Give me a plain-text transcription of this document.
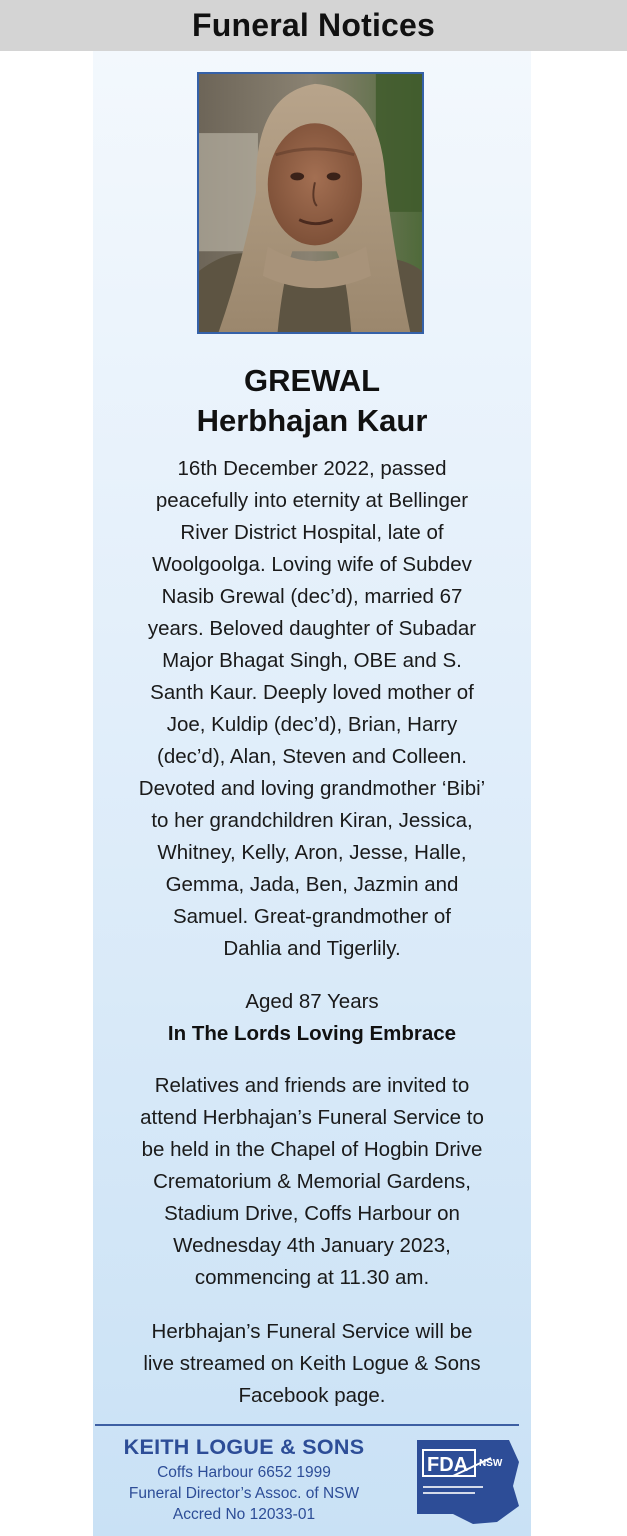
Funeral Notices
GREWAL
Herbhajan Kaur

16th December 2022, passed
peacefully into eternity at Bellinger
River District Hospital, late of
Woolgoolga. Loving wife of Subdev
Nasib Grewal (dec’d), married 67
years. Beloved daughter of Subadar
Major Bhagat Singh, OBE and S.
Santh Kaur. Deeply loved mother of
Joe, Kuldip (dec’d), Brian, Harry
(dec’d), Alan, Steven and Colleen.
Devoted and loving grandmother ‘Bibi’
to her grandchildren Kiran, Jessica,
Whitney, Kelly, Aron, Jesse, Halle,
Gemma, Jada, Ben, Jazmin and
Samuel. Great-grandmother of
Dahlia and Tigerlily.

Aged 87 Years
In The Lords Loving Embrace

Relatives and friends are invited to
attend Herbhajan’s Funeral Service to
be held in the Chapel of Hogbin Drive
Crematorium & Memorial Gardens,
Stadium Drive, Coffs Harbour on
Wednesday 4th January 2023,
commencing at 11.30 am.

Herbhajan’s Funeral Service will be
live streamed on Keith Logue & Sons
Facebook page.

KEITH LOGUE & SONS
Coffs Harbour 6652 1999
Funeral Director’s Assoc. of NSW
Accred No 12033-01
FDA NSW
